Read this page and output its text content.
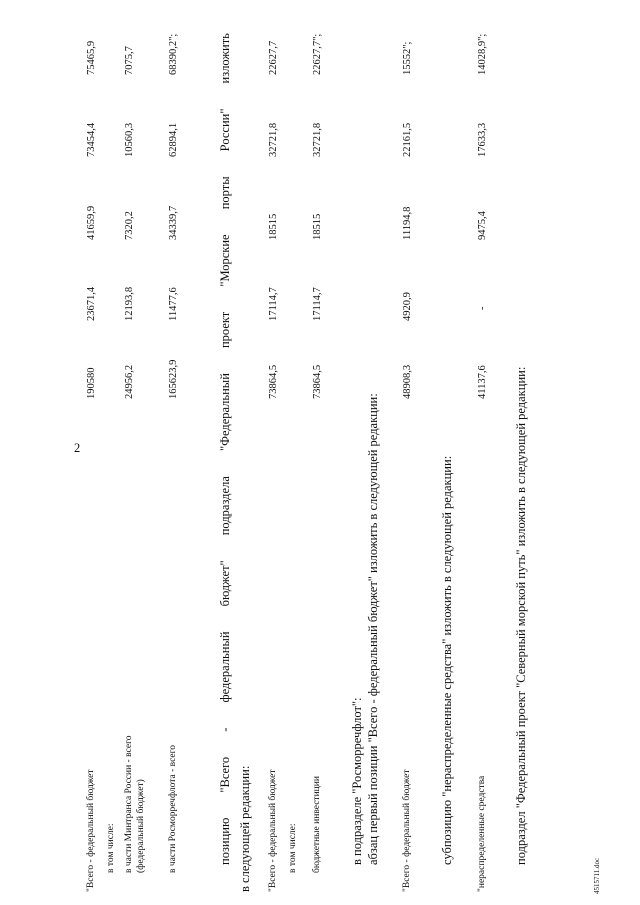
2
"Всего - федеральный бюджет
190580
23671,4
41659,9
73454,4
75465,9
в том числе: в части Минтранса России - всего (федеральный бюджет)
24956,2
12193,8
7320,2
10560,3
7075,7
в части Росморречфлота - всего
165623,9
11477,6
34339,7
62894,1
68390,2";
позицию
"Всего
-
федеральный
бюджет"
подраздела
"Федеральный
проект
"Морские
порты
России"
изложить
в следующей редакции: "Всего - федеральный бюджет
73864,5
17114,7
18515
32721,8
22627,7
в том числе: бюджетные инвестиции
73864,5
17114,7
18515
32721,8
22627,7";
в подразделе "Росморречфлот": абзац первый позиции "Всего - федеральный бюджет" изложить в следующей редакции: "Всего - федеральный бюджет
48908,3
4920,9
11194,8
22161,5
15552";
субпозицию "нераспределенные средства" изложить в следующей редакции: "нераспределенные средства
41137,6
-
9475,4
17633,3
14028,9";
подраздел "Федеральный проект "Северный морской путь" изложить в следующей редакции:
4515711.doc
